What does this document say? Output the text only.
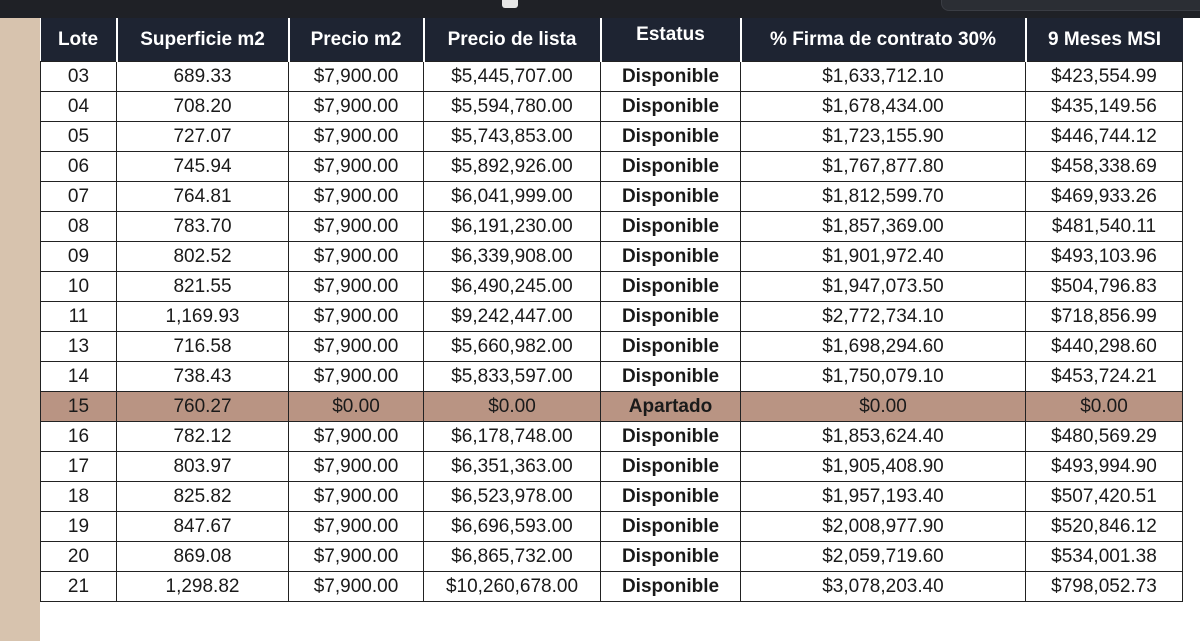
Lote	Superficie m2	Precio m2	Precio de lista	Estatus	% Firma de contrato 30%	9 Meses MSI
03	689.33	$7,900.00	$5,445,707.00	Disponible	$1,633,712.10	$423,554.99
04	708.20	$7,900.00	$5,594,780.00	Disponible	$1,678,434.00	$435,149.56
05	727.07	$7,900.00	$5,743,853.00	Disponible	$1,723,155.90	$446,744.12
06	745.94	$7,900.00	$5,892,926.00	Disponible	$1,767,877.80	$458,338.69
07	764.81	$7,900.00	$6,041,999.00	Disponible	$1,812,599.70	$469,933.26
08	783.70	$7,900.00	$6,191,230.00	Disponible	$1,857,369.00	$481,540.11
09	802.52	$7,900.00	$6,339,908.00	Disponible	$1,901,972.40	$493,103.96
10	821.55	$7,900.00	$6,490,245.00	Disponible	$1,947,073.50	$504,796.83
11	1,169.93	$7,900.00	$9,242,447.00	Disponible	$2,772,734.10	$718,856.99
13	716.58	$7,900.00	$5,660,982.00	Disponible	$1,698,294.60	$440,298.60
14	738.43	$7,900.00	$5,833,597.00	Disponible	$1,750,079.10	$453,724.21
15	760.27	$0.00	$0.00	Apartado	$0.00	$0.00
16	782.12	$7,900.00	$6,178,748.00	Disponible	$1,853,624.40	$480,569.29
17	803.97	$7,900.00	$6,351,363.00	Disponible	$1,905,408.90	$493,994.90
18	825.82	$7,900.00	$6,523,978.00	Disponible	$1,957,193.40	$507,420.51
19	847.67	$7,900.00	$6,696,593.00	Disponible	$2,008,977.90	$520,846.12
20	869.08	$7,900.00	$6,865,732.00	Disponible	$2,059,719.60	$534,001.38
21	1,298.82	$7,900.00	$10,260,678.00	Disponible	$3,078,203.40	$798,052.73
